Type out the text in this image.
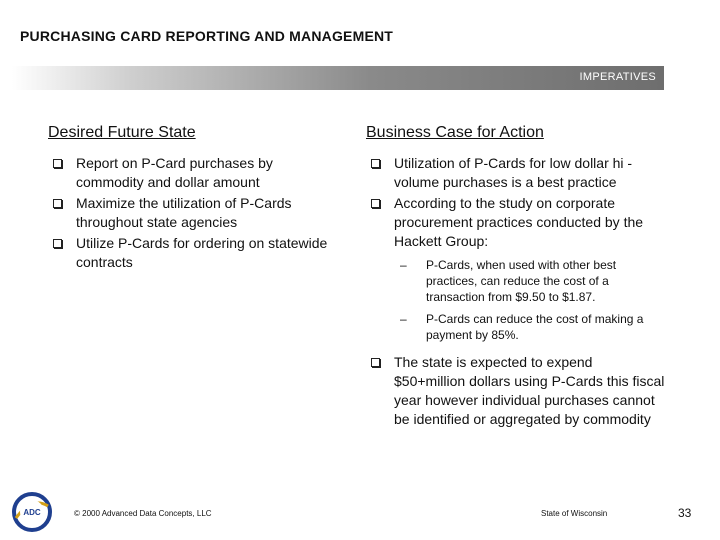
PURCHASING CARD REPORTING AND MANAGEMENT
IMPERATIVES
Desired Future State
Report on P-Card purchases by commodity and dollar amount
Maximize the utilization of P-Cards throughout state agencies
Utilize P-Cards for ordering on statewide contracts
Business Case for Action
Utilization of P-Cards for low dollar hi -volume purchases is a best practice
According to the study on corporate procurement practices conducted by the Hackett Group:
– P-Cards, when used with other best practices, can reduce the cost of a transaction from $9.50 to $1.87.
– P-Cards can reduce the cost of making a payment by 85%.
The state is expected to expend $50+million dollars using P-Cards this fiscal year however individual purchases cannot be identified or aggregated by commodity
ADC	© 2000 Advanced Data Concepts, LLC	State of Wisconsin	33
